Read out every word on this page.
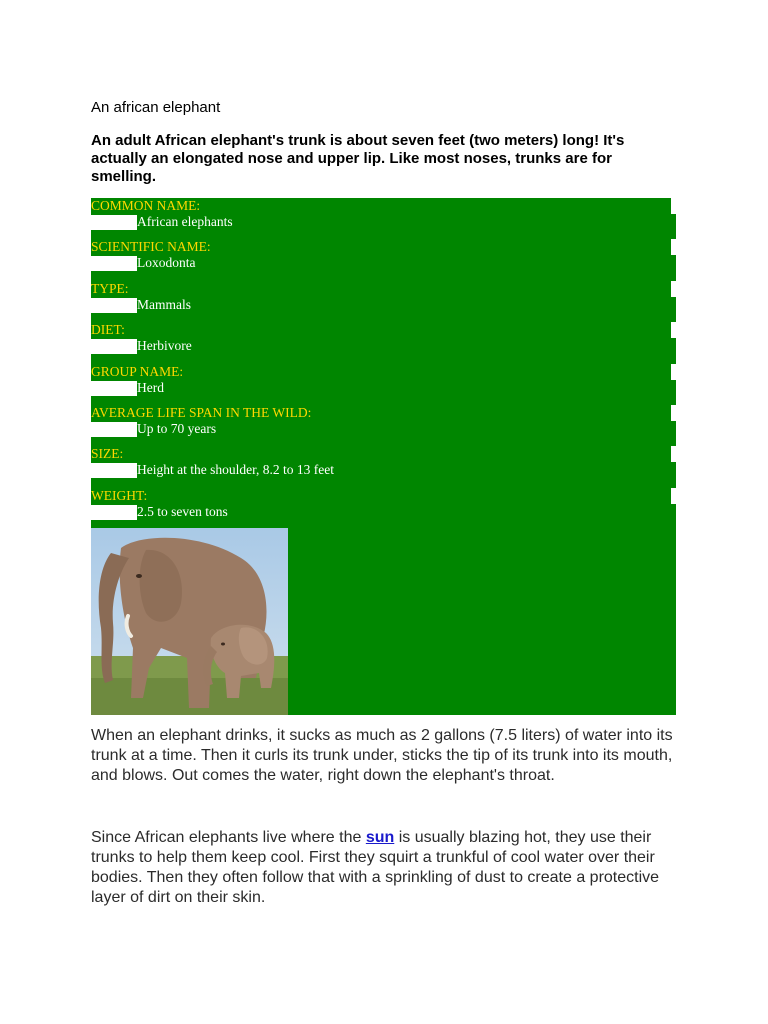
An african elephant
An adult African elephant's trunk is about seven feet (two meters) long! It's actually an elongated nose and upper lip. Like most noses, trunks are for smelling.
COMMON NAME:
African elephants
SCIENTIFIC NAME:
Loxodonta
TYPE:
Mammals
DIET:
Herbivore
GROUP NAME:
Herd
AVERAGE LIFE SPAN IN THE WILD:
Up to 70 years
SIZE:
Height at the shoulder, 8.2 to 13 feet
WEIGHT:
2.5 to seven tons
When an elephant drinks, it sucks as much as 2 gallons (7.5 liters) of water into its trunk at a time. Then it curls its trunk under, sticks the tip of its trunk into its mouth, and blows. Out comes the water, right down the elephant's throat.
Since African elephants live where the sun is usually blazing hot, they use their trunks to help them keep cool. First they squirt a trunkful of cool water over their bodies. Then they often follow that with a sprinkling of dust to create a protective layer of dirt on their skin.
